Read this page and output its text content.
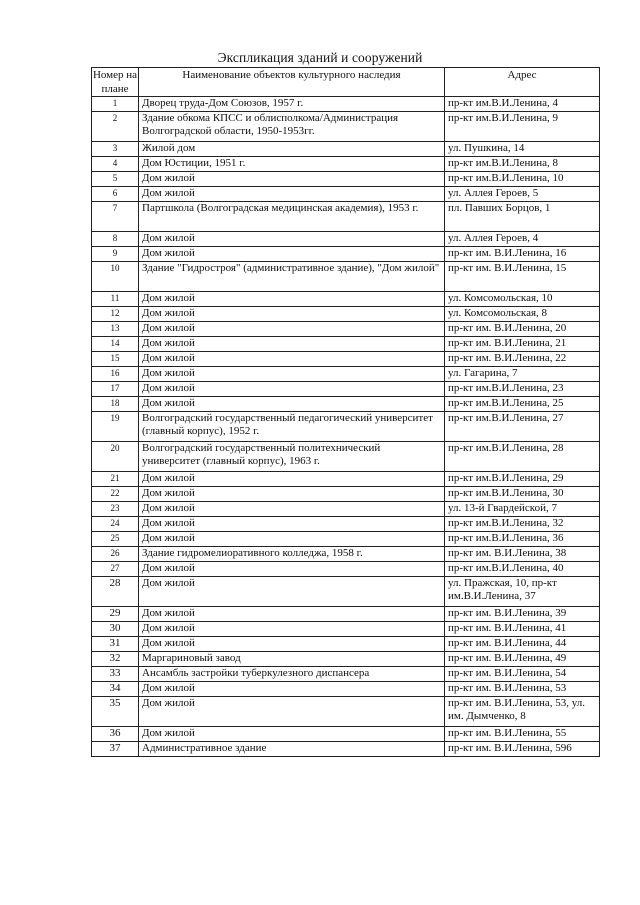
Экспликация зданий и сооружений
Номер на плане	Наименование объектов культурного наследия	Адрес
1	Дворец труда-Дом Союзов, 1957 г.	пр-кт им.В.И.Ленина, 4
2	Здание обкома КПСС и облисполкома/Администрация Волгоградской области, 1950-1953гг.	пр-кт им.В.И.Ленина, 9
3	Жилой дом	ул. Пушкина, 14
4	Дом Юстиции, 1951 г.	пр-кт им.В.И.Ленина, 8
5	Дом жилой	пр-кт им.В.И.Ленина, 10
6	Дом жилой	ул. Аллея Героев, 5
7	Партшкола (Волгоградская медицинская академия), 1953 г.	пл. Павших Борцов, 1
8	Дом жилой	ул. Аллея Героев, 4
9	Дом жилой	пр-кт им. В.И.Ленина, 16
10	Здание "Гидростроя" (административное здание), "Дом жилой"	пр-кт им. В.И.Ленина, 15
11	Дом жилой	ул. Комсомольская, 10
12	Дом жилой	ул. Комсомольская, 8
13	Дом жилой	пр-кт им. В.И.Ленина, 20
14	Дом жилой	пр-кт им. В.И.Ленина, 21
15	Дом жилой	пр-кт им. В.И.Ленина, 22
16	Дом жилой	ул. Гагарина, 7
17	Дом жилой	пр-кт им.В.И.Ленина, 23
18	Дом жилой	пр-кт им.В.И.Ленина, 25
19	Волгоградский государственный педагогический университет (главный корпус), 1952 г.	пр-кт им.В.И.Ленина, 27
20	Волгоградский государственный политехнический университет (главный корпус), 1963 г.	пр-кт им.В.И.Ленина, 28
21	Дом жилой	пр-кт им.В.И.Ленина, 29
22	Дом жилой	пр-кт им.В.И.Ленина, 30
23	Дом жилой	ул. 13-й Гвардейской, 7
24	Дом жилой	пр-кт им.В.И.Ленина, 32
25	Дом жилой	пр-кт им.В.И.Ленина, 36
26	Здание гидромелиоративного колледжа, 1958 г.	пр-кт им. В.И.Ленина, 38
27	Дом жилой	пр-кт им.В.И.Ленина, 40
28	Дом жилой	ул. Пражская, 10, пр-кт им.В.И.Ленина, 37
29	Дом жилой	пр-кт им. В.И.Ленина, 39
30	Дом жилой	пр-кт им. В.И.Ленина, 41
31	Дом жилой	пр-кт им. В.И.Ленина, 44
32	Маргариновый завод	пр-кт им. В.И.Ленина, 49
33	Ансамбль застройки туберкулезного диспансера	пр-кт им. В.И.Ленина, 54
34	Дом жилой	пр-кт им. В.И.Ленина, 53
35	Дом жилой	пр-кт им. В.И.Ленина, 53, ул. им. Дымченко, 8
36	Дом жилой	пр-кт им. В.И.Ленина, 55
37	Административное здание	пр-кт им. В.И.Ленина, 596
